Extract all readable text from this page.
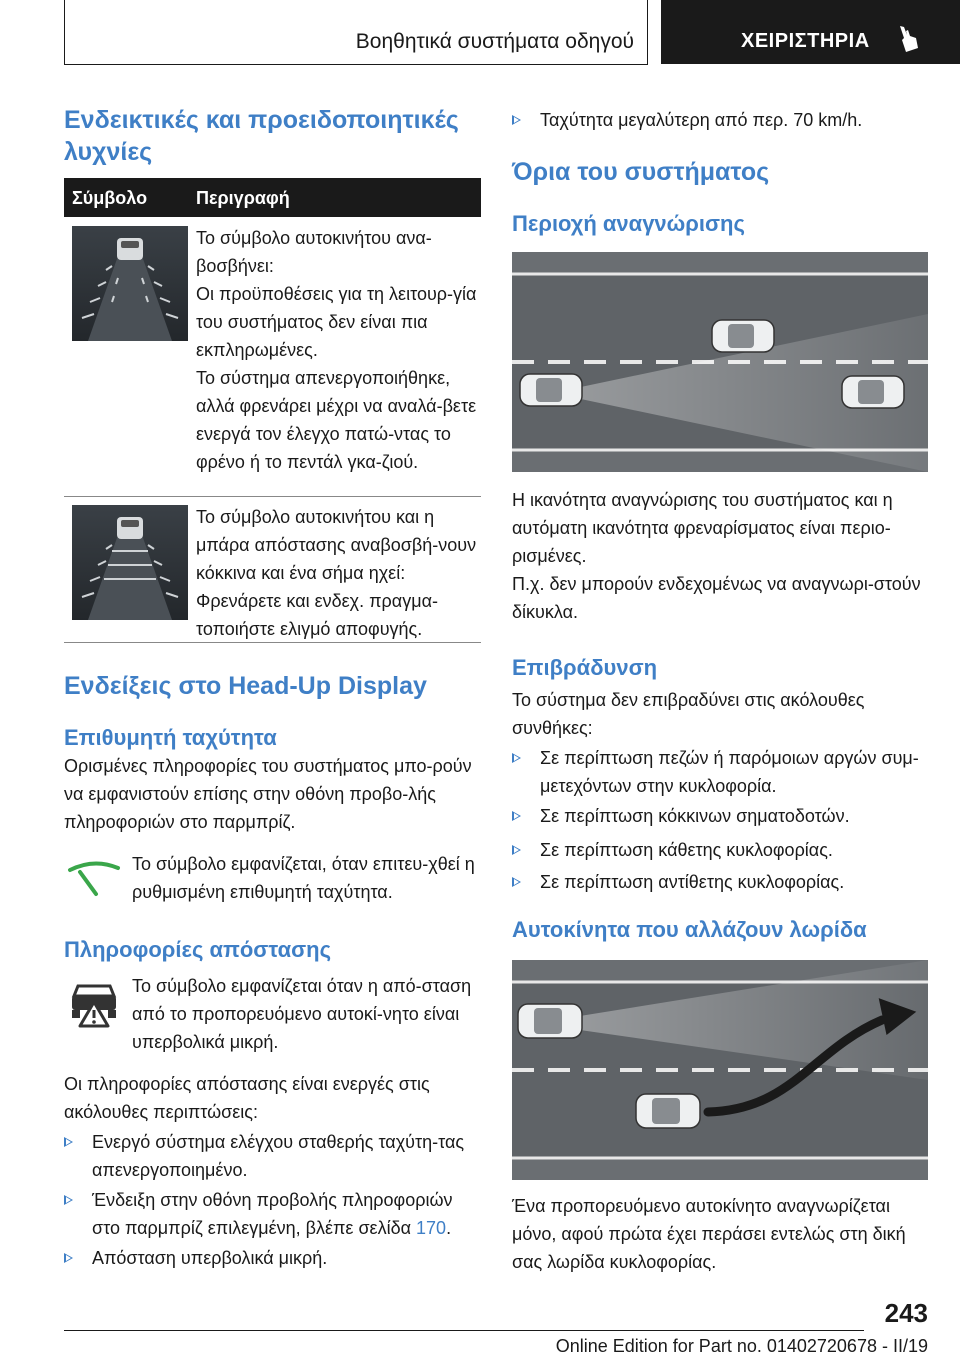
Βοηθητικά συστήματα οδηγού	ΧΕΙΡΙΣΤΗΡΙΑ
Ενδεικτικές και προειδοποιητικές λυχνίες
Σύμβολο	Περιγραφή
Το σύμβολο αυτοκινήτου ανα-βοσβήνει:
Οι προϋποθέσεις για τη λειτουρ-γία του συστήματος δεν είναι πια εκπληρωμένες.
Το σύστημα απενεργοποιήθηκε, αλλά φρενάρει μέχρι να αναλά-βετε ενεργά τον έλεγχο πατώ-ντας το φρένο ή το πεντάλ γκα-ζιού.
Το σύμβολο αυτοκινήτου και η μπάρα απόστασης αναβοσβή-νουν κόκκινα και ένα σήμα ηχεί:
Φρενάρετε και ενδεχ. πραγμα-τοποιήστε ελιγμό αποφυγής.
Ενδείξεις στο Head-Up Display
Επιθυμητή ταχύτητα
Ορισμένες πληροφορίες του συστήματος μπο-ρούν να εμφανιστούν επίσης στην οθόνη προβο-λής πληροφοριών στο παρμπρίζ.
Το σύμβολο εμφανίζεται, όταν επιτευ-χθεί η ρυθμισμένη επιθυμητή ταχύτητα.
Πληροφορίες απόστασης
Το σύμβολο εμφανίζεται όταν η από-σταση από το προπορευόμενο αυτοκί-νητο είναι υπερβολικά μικρή.
Οι πληροφορίες απόστασης είναι ενεργές στις ακόλουθες περιπτώσεις:
Ενεργό σύστημα ελέγχου σταθερής ταχύτη-τας απενεργοποιημένο.
Ένδειξη στην οθόνη προβολής πληροφοριών στο παρμπρίζ επιλεγμένη, βλέπε σελίδα 170.
Απόσταση υπερβολικά μικρή.
Ταχύτητα μεγαλύτερη από περ. 70 km/h.
Όρια του συστήματος
Περιοχή αναγνώρισης
Η ικανότητα αναγνώρισης του συστήματος και η αυτόματη ικανότητα φρεναρίσματος είναι περιο-ρισμένες.
Π.χ. δεν μπορούν ενδεχομένως να αναγνωρι-στούν δίκυκλα.
Επιβράδυνση
Το σύστημα δεν επιβραδύνει στις ακόλουθες συνθήκες:
Σε περίπτωση πεζών ή παρόμοιων αργών συμ-μετεχόντων στην κυκλοφορία.
Σε περίπτωση κόκκινων σηματοδοτών.
Σε περίπτωση κάθετης κυκλοφορίας.
Σε περίπτωση αντίθετης κυκλοφορίας.
Αυτοκίνητα που αλλάζουν λωρίδα
Ένα προπορευόμενο αυτοκίνητο αναγνωρίζεται μόνο, αφού πρώτα έχει περάσει εντελώς στη δική σας λωρίδα κυκλοφορίας.
243
Online Edition for Part no. 01402720678 - II/19
